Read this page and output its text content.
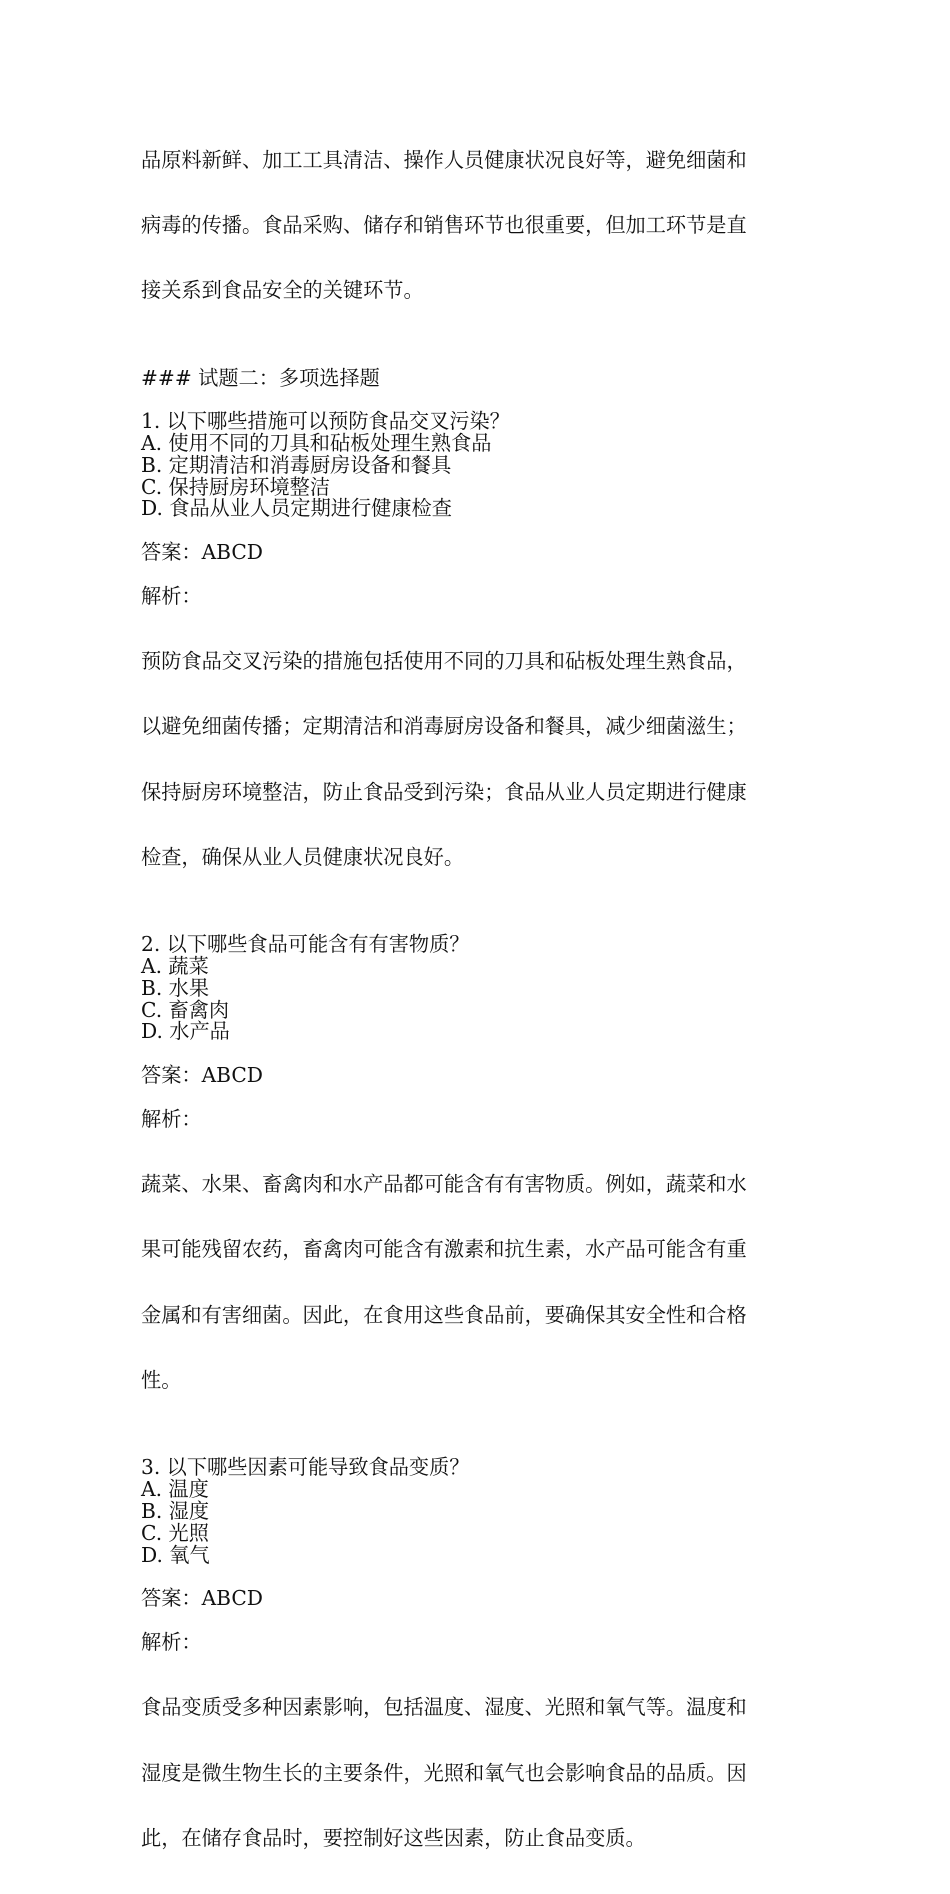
品原料新鲜、加工工具清洁、操作人员健康状况良好等，避免细菌和

病毒的传播。食品采购、储存和销售环节也很重要，但加工环节是直

接关系到食品安全的关键环节。

### 试题二：多项选择题
1. 以下哪些措施可以预防食品交叉污染？
A. 使用不同的刀具和砧板处理生熟食品
B. 定期清洁和消毒厨房设备和餐具
C. 保持厨房环境整洁
D. 食品从业人员定期进行健康检查
答案：ABCD
解析：

预防食品交叉污染的措施包括使用不同的刀具和砧板处理生熟食品，

以避免细菌传播；定期清洁和消毒厨房设备和餐具，减少细菌滋生；

保持厨房环境整洁，防止食品受到污染；食品从业人员定期进行健康

检查，确保从业人员健康状况良好。

2. 以下哪些食品可能含有有害物质？
A. 蔬菜
B. 水果
C. 畜禽肉
D. 水产品
答案：ABCD
解析：

蔬菜、水果、畜禽肉和水产品都可能含有有害物质。例如，蔬菜和水

果可能残留农药，畜禽肉可能含有激素和抗生素，水产品可能含有重

金属和有害细菌。因此，在食用这些食品前，要确保其安全性和合格

性。

3. 以下哪些因素可能导致食品变质？
A. 温度
B. 湿度
C. 光照
D. 氧气
答案：ABCD
解析：

食品变质受多种因素影响，包括温度、湿度、光照和氧气等。温度和

湿度是微生物生长的主要条件，光照和氧气也会影响食品的品质。因

此，在储存食品时，要控制好这些因素，防止食品变质。
